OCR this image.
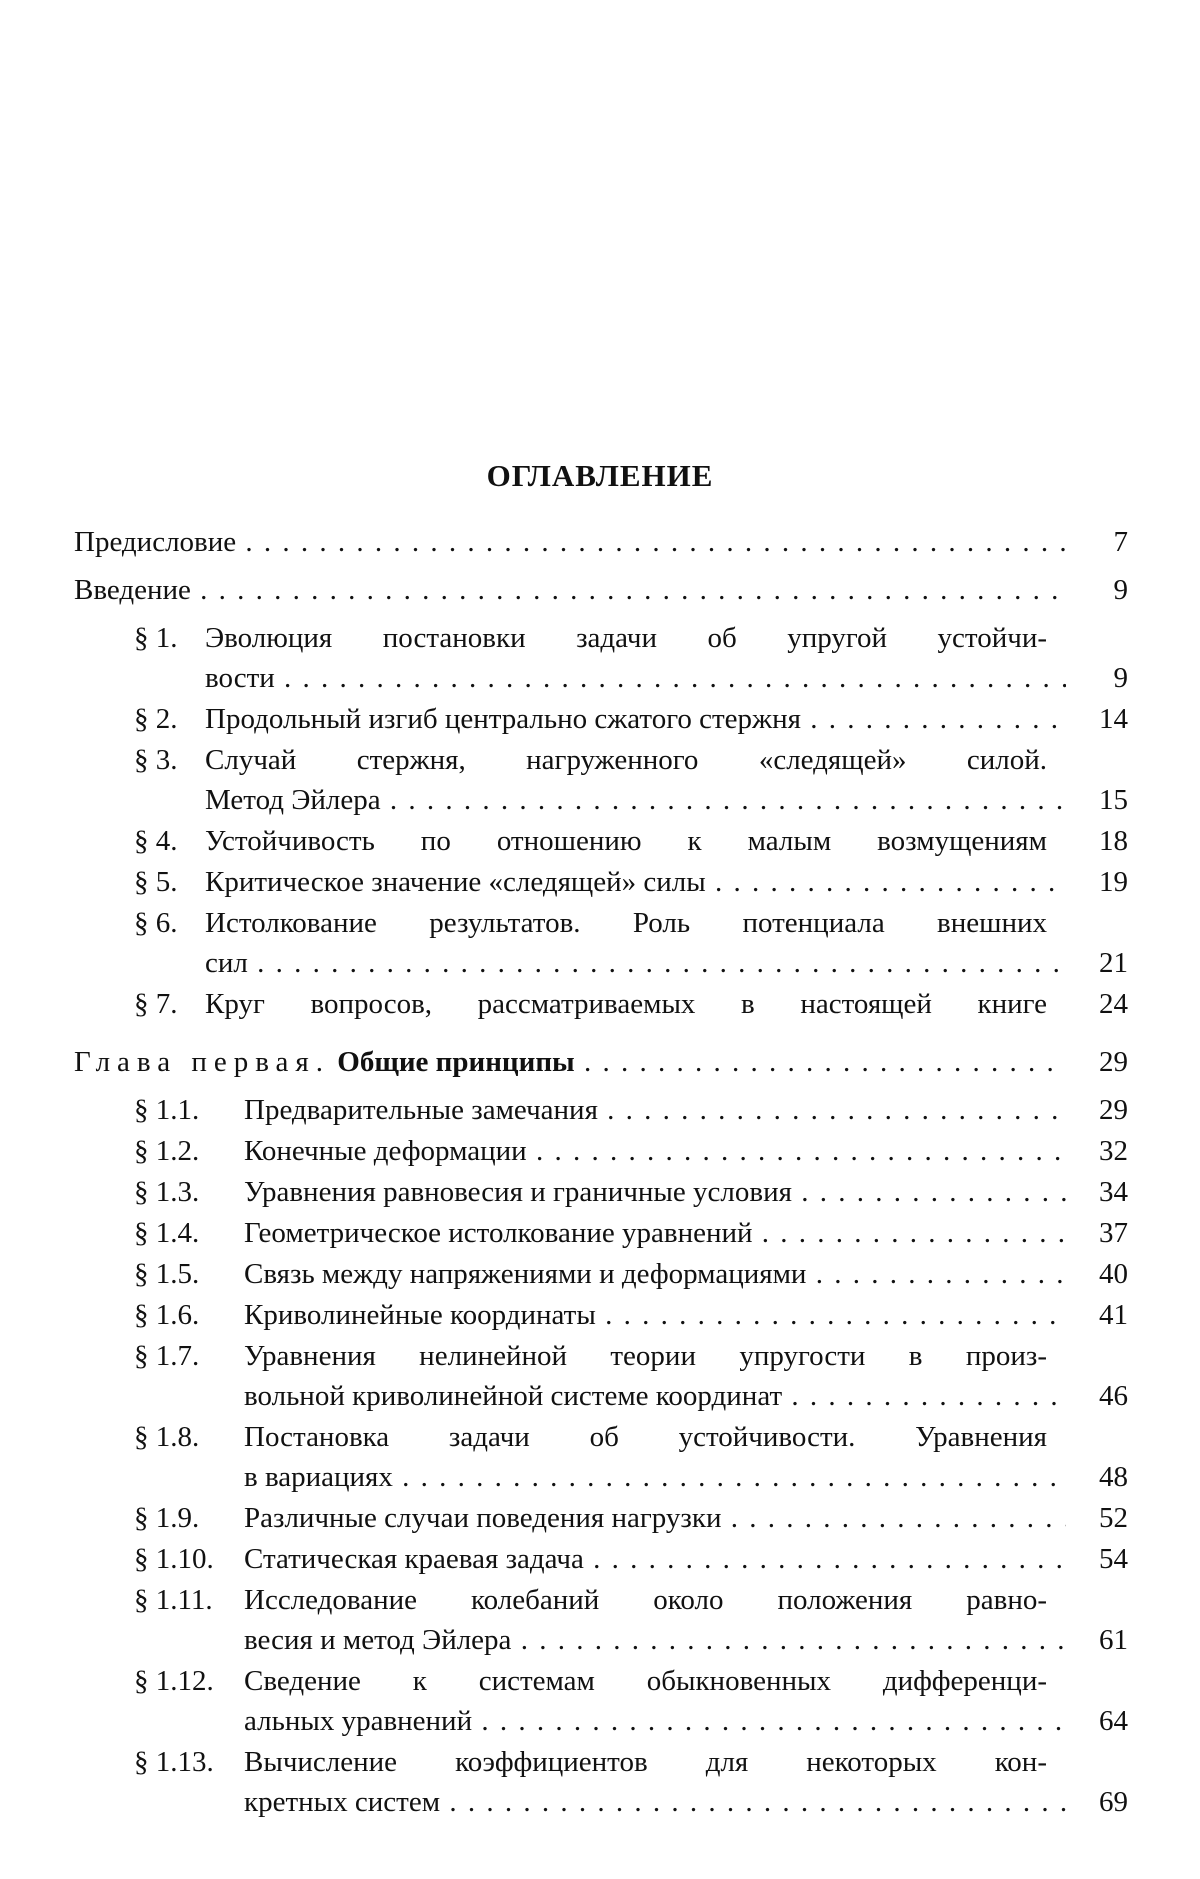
ОГЛАВЛЕНИЕ
Предисловие . . .	7
Введение . . .	9
§ 1. Эволюция постановки задачи об упругой устойчи-
вости . . .	9
§ 2. Продольный изгиб центрально сжатого стержня . . .	14
§ 3. Случай стержня, нагруженного «следящей» силой.
Метод Эйлера . . .	15
§ 4. Устойчивость по отношению к малым возмущениям 18
§ 5. Критическое значение «следящей» силы . . .	19
§ 6. Истолкование результатов. Роль потенциала внешних
сил . . .	21
§ 7. Круг вопросов, рассматриваемых в настоящей книге 24
Глава первая. Общие принципы . . .	29
§ 1.1. Предварительные замечания . . .	29
§ 1.2. Конечные деформации . . .	32
§ 1.3. Уравнения равновесия и граничные условия . . .	34
§ 1.4. Геометрическое истолкование уравнений . . .	37
§ 1.5. Связь между напряжениями и деформациями . . .	40
§ 1.6. Криволинейные координаты . . .	41
§ 1.7. Уравнения нелинейной теории упругости в произ-
вольной криволинейной системе координат . . .	46
§ 1.8. Постановка задачи об устойчивости. Уравнения
в вариациях . . .	48
§ 1.9. Различные случаи поведения нагрузки . . .	52
§ 1.10. Статическая краевая задача . . .	54
§ 1.11. Исследование колебаний около положения равно-
весия и метод Эйлера . . .	61
§ 1.12. Сведение к системам обыкновенных дифференци-
альных уравнений . . .	64
§ 1.13. Вычисление коэффициентов для некоторых кон-
кретных систем . . .	69
